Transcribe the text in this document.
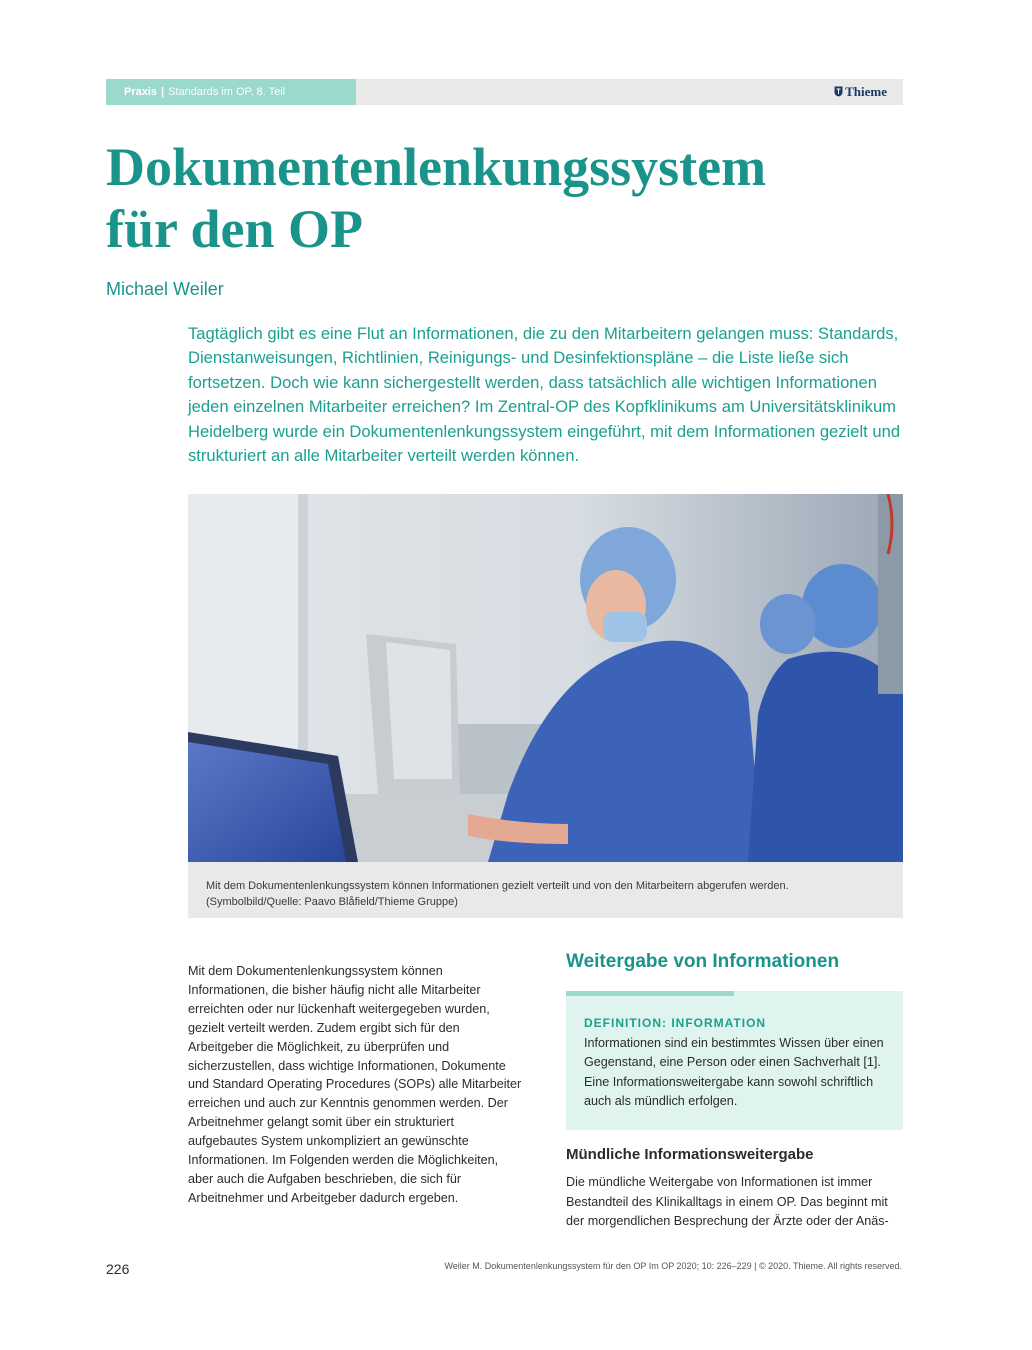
Praxis | Standards im OP, 8. Teil	Thieme
Dokumentenlenkungssystem
für den OP
Michael Weiler
Tagtäglich gibt es eine Flut an Informationen, die zu den Mitarbeitern gelangen muss: Standards, Dienstanweisungen, Richtlinien, Reinigungs- und Desinfektionspläne – die Liste ließe sich fortsetzen. Doch wie kann sichergestellt werden, dass tatsächlich alle wichtigen Informationen jeden einzelnen Mitarbeiter erreichen? Im Zentral-OP des Kopfklinikums am Universitätsklinikum Heidelberg wurde ein Dokumentenlenkungssystem eingeführt, mit dem Informationen gezielt und strukturiert an alle Mitarbeiter verteilt werden können.
Mit dem Dokumentenlenkungssystem können Informationen gezielt verteilt und von den Mitarbeitern abgerufen werden. (Symbolbild/Quelle: Paavo Blåfield/Thieme Gruppe)
Mit dem Dokumentenlenkungssystem können Informationen, die bisher häufig nicht alle Mitarbeiter erreichten oder nur lückenhaft weitergegeben wurden, gezielt verteilt werden. Zudem ergibt sich für den Arbeitgeber die Möglichkeit, zu überprüfen und sicherzustellen, dass wichtige Informationen, Dokumente und Standard Operating Procedures (SOPs) alle Mitarbeiter erreichen und auch zur Kenntnis genommen werden. Der Arbeitnehmer gelangt somit über ein strukturiert aufgebautes System unkompliziert an gewünschte Informationen. Im Folgenden werden die Möglichkeiten, aber auch die Aufgaben beschrieben, die sich für Arbeitnehmer und Arbeitgeber dadurch ergeben.
Weitergabe von Informationen
DEFINITION: INFORMATION
Informationen sind ein bestimmtes Wissen über einen Gegenstand, eine Person oder einen Sachverhalt [1]. Eine Informationsweitergabe kann sowohl schriftlich auch als mündlich erfolgen.
Mündliche Informationsweitergabe
Die mündliche Weitergabe von Informationen ist immer Bestandteil des Klinikalltags in einem OP. Das beginnt mit der morgendlichen Besprechung der Ärzte oder der Anäs-
226	Weiler M. Dokumentenlenkungssystem für den OP Im OP 2020; 10: 226–229 | © 2020. Thieme. All rights reserved.
